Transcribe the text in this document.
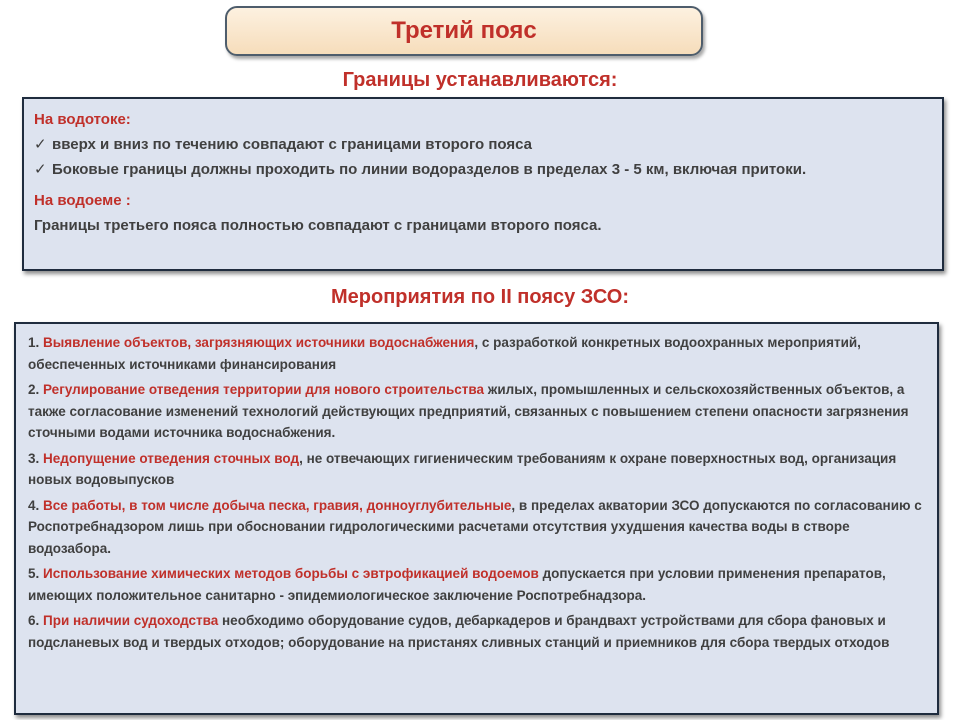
Третий пояс
Границы устанавливаются:
На водотоке:
✓ вверх и вниз по течению совпадают с границами второго пояса
✓ Боковые границы должны проходить по линии водоразделов в пределах 3 - 5 км, включая притоки.
На водоеме :
Границы третьего пояса полностью совпадают с границами второго пояса.
Мероприятия по II поясу ЗСО:
1. Выявление объектов, загрязняющих источники водоснабжения, с разработкой конкретных водоохранных мероприятий, обеспеченных источниками финансирования
2. Регулирование отведения территории для нового строительства жилых, промышленных и сельскохозяйственных объектов, а также согласование изменений технологий действующих предприятий, связанных с повышением степени опасности загрязнения сточными водами источника водоснабжения.
3. Недопущение отведения сточных вод, не отвечающих гигиеническим требованиям к охране поверхностных вод, организация новых водовыпусков
4. Все работы, в том числе добыча песка, гравия, донноуглубительные, в пределах акватории ЗСО допускаются по согласованию с Роспотребнадзором лишь при обосновании гидрологическими расчетами отсутствия ухудшения качества воды в створе водозабора.
5. Использование химических методов борьбы с эвтрофикацией водоемов допускается при условии применения препаратов, имеющих положительное санитарно - эпидемиологическое заключение Роспотребнадзора.
6. При наличии судоходства необходимо оборудование судов, дебаркадеров и брандвахт устройствами для сбора фановых и подсланевых вод и твердых отходов; оборудование на пристанях сливных станций и приемников для сбора твердых отходов
